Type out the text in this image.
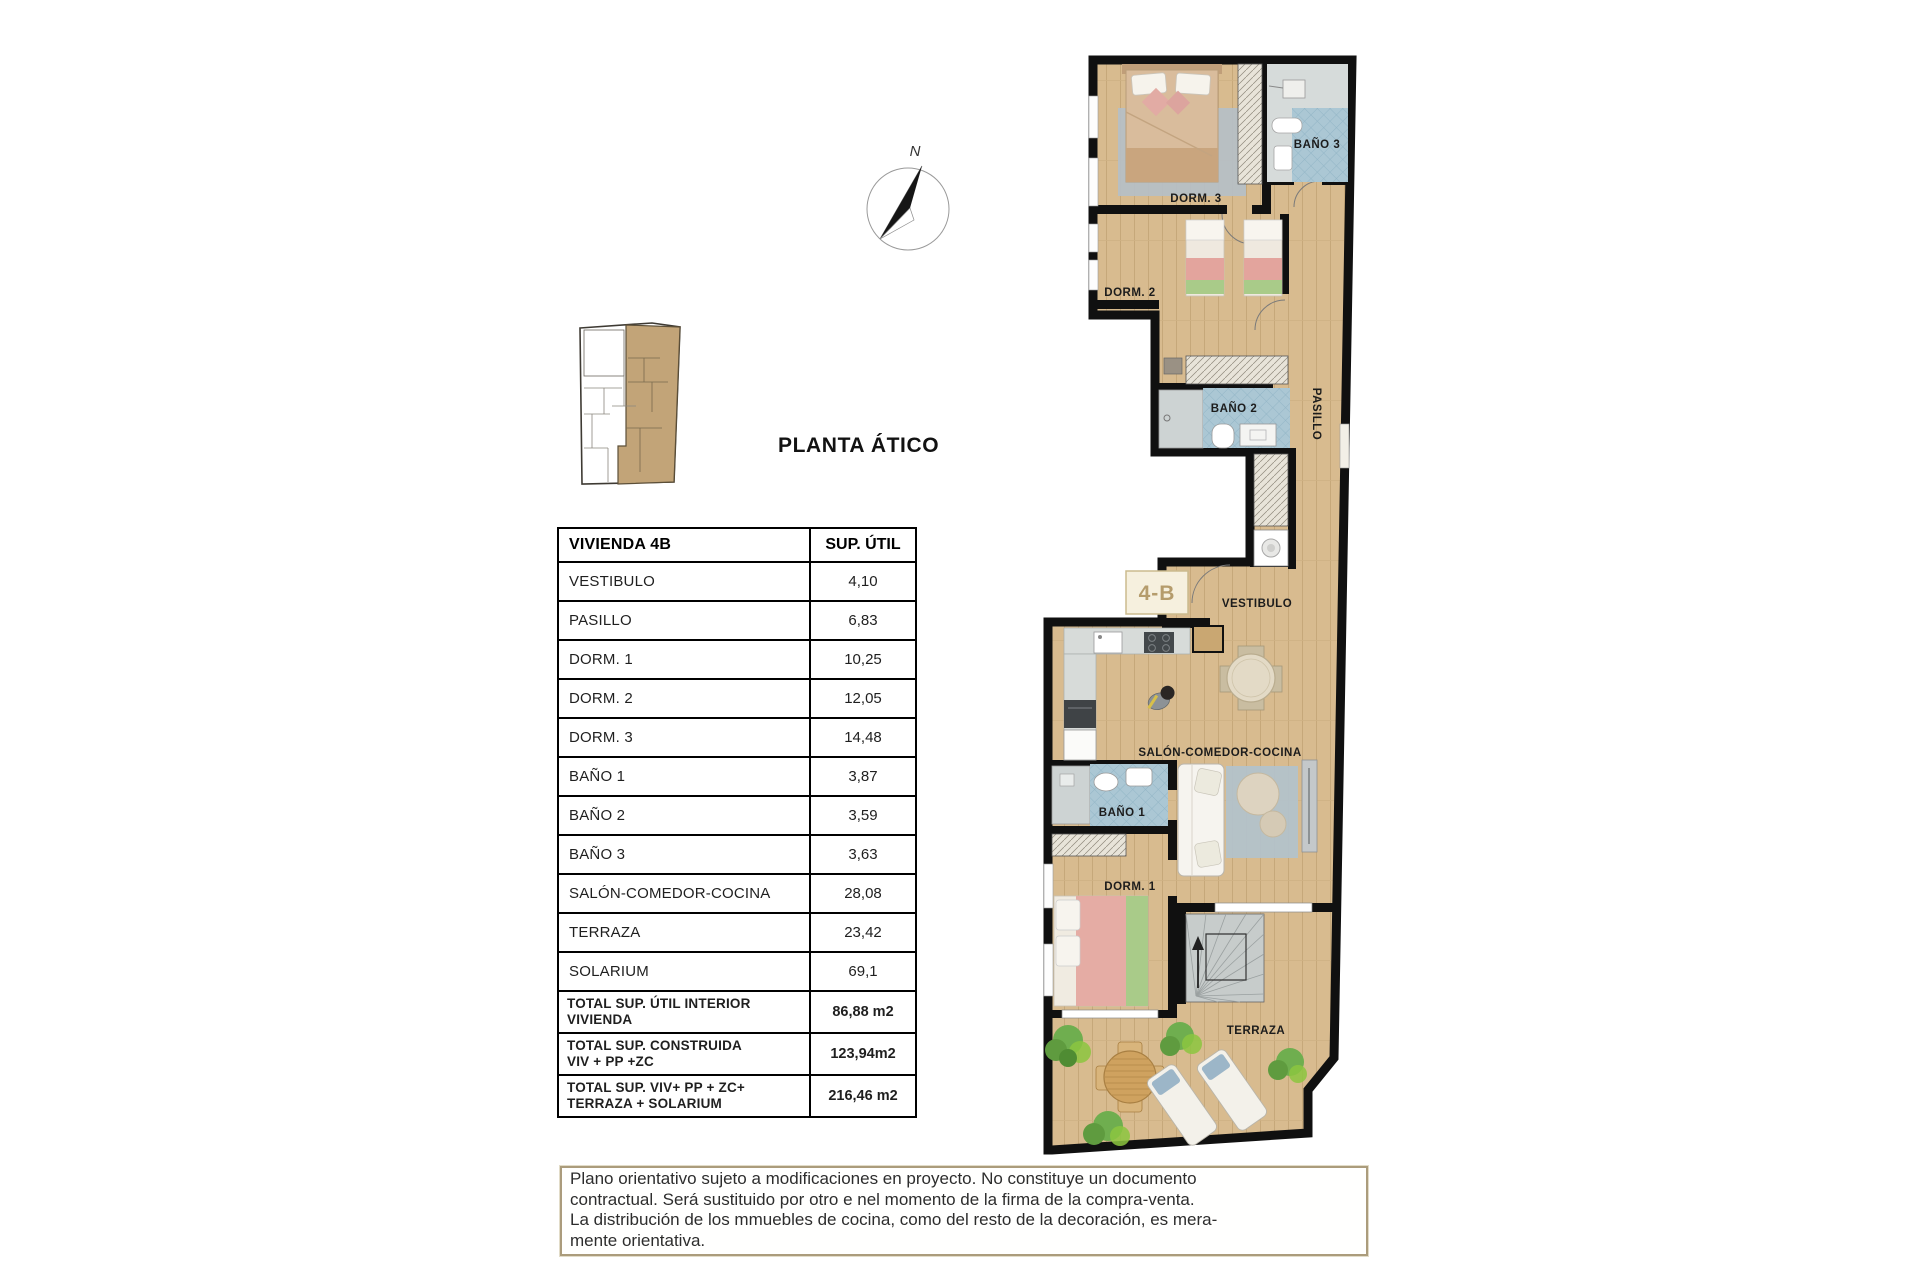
N
PLANTA ÁTICO
VIVIENDA 4B	SUP. ÚTIL
VESTIBULO	4,10
PASILLO	6,83
DORM. 1	10,25
DORM. 2	12,05
DORM. 3	14,48
BAÑO 1	3,87
BAÑO 2	3,59
BAÑO 3	3,63
SALÓN-COMEDOR-COCINA	28,08
TERRAZA	23,42
SOLARIUM	69,1
TOTAL SUP. ÚTIL INTERIOR
VIVIENDA	86,88 m2
TOTAL SUP. CONSTRUIDA
VIV + PP +ZC	123,94m2
TOTAL SUP. VIV+ PP + ZC+
TERRAZA + SOLARIUM	216,46 m2
DORM. 3
BAÑO 3
DORM. 2
BAÑO 2	PASILLO
4-B	VESTIBULO
SALÓN-COMEDOR-COCINA
BAÑO 1
DORM. 1
TERRAZA
Plano orientativo sujeto a modificaciones en proyecto. No constituye un documento
contractual. Será sustituido por otro e nel momento de la firma de la compra-venta.
La distribución de los mmuebles de cocina, como del resto de la decoración, es mera-
mente orientativa.
